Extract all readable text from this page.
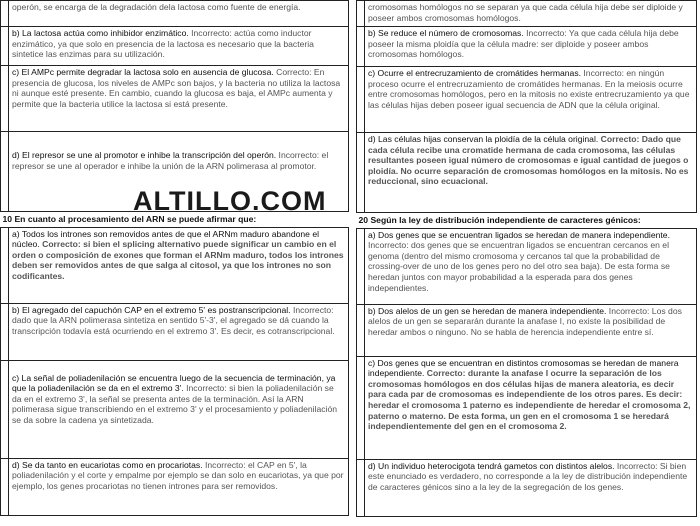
	operón, se encarga de la degradación dela lactosa como fuente de energía.
	b) La lactosa actúa como inhibidor enzimático. Incorrecto: actúa como inductor enzimático, ya que solo en presencia de la lactosa es necesario que la bacteria sintetice las enzimas para su utilización.
	c) El AMPc permite degradar la lactosa solo en ausencia de glucosa. Correcto: En presencia de glucosa, los niveles de AMPc son bajos, y la bacteria no utiliza la lactosa ni aunque esté presente. En cambio, cuando la glucosa es baja, el AMPc aumenta y permite que la bacteria utilice la lactosa si está presente.
	d) El represor se une al promotor e inhibe la transcripción del operón. Incorrecto: el represor se une al operador e inhibe la unión de la ARN polimerasa al promotor.
10 En cuanto al procesamiento del ARN se puede afirmar que:	
	a) Todos los intrones son removidos antes de que el ARNm maduro abandone el núcleo. Correcto: si bien el splicing alternativo puede significar un cambio en el orden o composición de exones que forman el ARNm maduro, todos los intrones deben ser removidos antes de que salga al citosol, ya que los intrones no son codificantes.
	b) El agregado del capuchón CAP en el extremo 5' es postranscripcional. Incorrecto: dado que la ARN polimerasa sintetiza en sentido 5'-3', el agregado se dá cuando la transcripción todavía está ocurriendo en el extremo 3'. Es decir, es cotranscripcional.
	c) La señal de poliadenilación se encuentra luego de la secuencia de terminación, ya que la poliadenilación se da en el extremo 3'. Incorrecto: si bien la poliadenilación se da en el extremo 3', la señal se presenta antes de la terminación. Así la ARN polimerasa sigue transcribiendo en el extremo 3' y el procesamiento y poliadenilación se da sobre la cadena ya sintetizada.
	d) Se da tanto en eucariotas como en procariotas. Incorrecto: el CAP en 5', la poliadenilación y el corte y empalme por ejemplo se dan solo en eucariotas, ya que por ejemplo, los genes procariotas no tienen intrones para ser removidos.
	cromosomas homólogos no se separan ya que cada célula hija debe ser diploide y poseer ambos cromosomas homólogos.
	b) Se reduce el número de cromosomas. Incorrecto: Ya que cada célula hija debe poseer la misma ploidía que la célula madre: ser diploide y poseer ambos cromosomas homólogos.
	c) Ocurre el entrecruzamiento de cromátides hermanas. Incorrecto: en ningún proceso ocurre el entrecruzamiento de cromátides hermanas. En la meiosis ocurre entre cromosomas homólogos, pero en la mitosis no existe entrecruzamiento ya que las células hijas deben poseer igual secuencia de ADN que la célula original.
	d) Las células hijas conservan la ploidía de la célula original. Correcto: Dado que cada célula recibe una cromatide hermana de cada cromosoma, las células resultantes poseen igual número de cromosomas e igual cantidad de juegos o ploidía. No ocurre separación de cromosomas homólogos en la mitosis. No es reduccional, sino ecuacional.
20 Según la ley de distribución independiente de caracteres génicos:	
	a) Dos genes que se encuentran ligados se heredan de manera independiente. Incorrecto: dos genes que se encuentran ligados se encuentran cercanos en el genoma (dentro del mismo cromosoma y cercanos tal que la probabilidad de crossing-over de uno de los genes pero no del otro sea baja). De esta forma se heredan juntos con mayor probabilidad a la esperada para dos genes independientes.
	b) Dos alelos de un gen se heredan de manera independiente. Incorrecto: Los dos alelos de un gen se separarán durante la anafase I, no existe la posibilidad de heredar ambos o ninguno. No se habla de herencia independiente entre sí.
	c) Dos genes que se encuentran en distintos cromosomas se heredan de manera independiente. Correcto: durante la anafase I ocurre la separación de los cromosomas homólogos en dos células hijas de manera aleatoria, es decir para cada par de cromosomas es independiente de los otros pares. Es decir: heredar el cromosoma 1 paterno es independiente de heredar el cromosoma 2, paterno o materno. De esta forma, un gen en el cromosoma 1 se heredará independientemente del gen en el cromosoma 2.
	d) Un individuo heterocigota tendrá gametos con distintos alelos. Incorrecto: Si bien este enunciado es verdadero, no corresponde a la ley de distribución independiente de caracteres génicos sino a la ley de la segregación de los genes.
ALTILLO.COM
